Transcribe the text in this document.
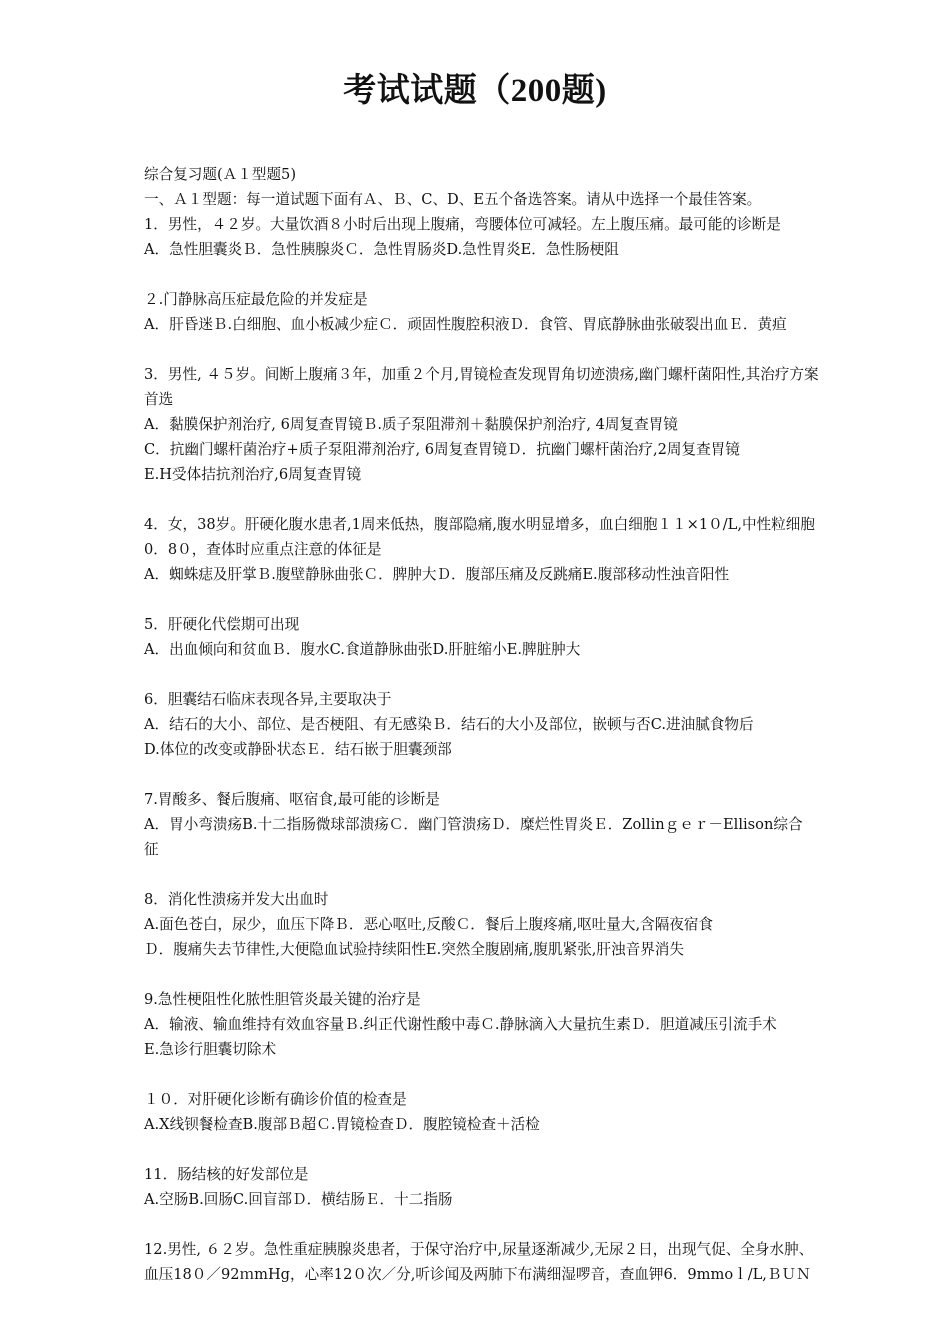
考试试题（200题)
综合复习题(Ａ１型题5)
一、Ａ１型题：每一道试题下面有Ａ、Ｂ、C、D、E五个备选答案。请从中选择一个最佳答案。
1．男性，４２岁。大量饮酒８小时后出现上腹痛，弯腰体位可减轻。左上腹压痛。最可能的诊断是
A．急性胆囊炎Ｂ．急性胰腺炎Ｃ．急性胃肠炎D.急性胃炎E．急性肠梗阻
２.门静脉高压症最危险的并发症是
A．肝昏迷Ｂ.白细胞、血小板减少症Ｃ．顽固性腹腔积液Ｄ．食管、胃底静脉曲张破裂出血Ｅ．黄疸
3．男性, ４５岁。间断上腹痛３年，加重２个月,胃镜检查发现胃角切迹溃疡,幽门螺杆菌阳性,其治疗方案
首选
A．黏膜保护剂治疗, 6周复查胃镜Ｂ.质子泵阻滞剂＋黏膜保护剂治疗, 4周复查胃镜
C．抗幽门螺杆菌治疗+质子泵阻滞剂治疗, 6周复查胃镜Ｄ．抗幽门螺杆菌治疗,2周复查胃镜
E.H受体拮抗剂治疗,6周复查胃镜
4．女，38岁。肝硬化腹水患者,1周来低热，腹部隐痛,腹水明显增多，血白细胞１１×1０/L,中性粒细胞
0．8０，查体时应重点注意的体征是
A．蜘蛛痣及肝掌Ｂ.腹壁静脉曲张Ｃ．脾肿大Ｄ．腹部压痛及反跳痛E.腹部移动性浊音阳性
5．肝硬化代偿期可出现
A．出血倾向和贫血Ｂ．腹水C.食道静脉曲张D.肝脏缩小E.脾脏肿大
6．胆囊结石临床表现各异,主要取决于
A．结石的大小、部位、是否梗阻、有无感染Ｂ．结石的大小及部位，嵌顿与否C.进油腻食物后
D.体位的改变或静卧状态Ｅ．结石嵌于胆囊颈部
7.胃酸多、餐后腹痛、呕宿食,最可能的诊断是
A．胃小弯溃疡B.十二指肠微球部溃疡Ｃ．幽门管溃疡Ｄ．糜烂性胃炎Ｅ．Zollinｇｅｒ－Ellison综合
征
8．消化性溃疡并发大出血时
A.面色苍白，尿少，血压下降Ｂ．恶心呕吐,反酸Ｃ．餐后上腹疼痛,呕吐量大,含隔夜宿食
Ｄ．腹痛失去节律性,大便隐血试验持续阳性E.突然全腹剧痛,腹肌紧张,肝浊音界消失
9.急性梗阻性化脓性胆管炎最关键的治疗是
A．输液、输血维持有效血容量Ｂ.纠正代谢性酸中毒Ｃ.静脉滴入大量抗生素Ｄ．胆道减压引流手术
E.急诊行胆囊切除术
１０．对肝硬化诊断有确诊价值的检查是
A.X线钡餐检查B.腹部Ｂ超Ｃ.胃镜检查Ｄ．腹腔镜检查＋活检
11．肠结核的好发部位是
A.空肠B.回肠C.回盲部Ｄ．横结肠Ｅ．十二指肠
12.男性, ６２岁。急性重症胰腺炎患者，于保守治疗中,尿量逐渐减少,无尿２日，出现气促、全身水肿、
血压18０／92ｍmHg，心率12０次／分,听诊闻及两肺下布满细湿啰音，查血钾6．9mmoｌ/L,ＢＵＮ
